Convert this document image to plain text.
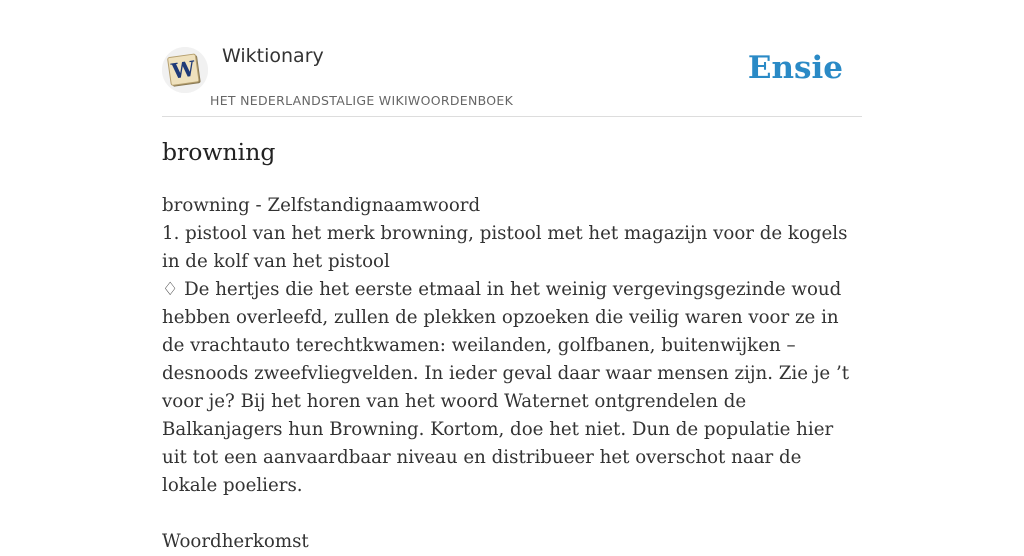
W Wiktionary
HET NEDERLANDSTALIGE WIKIWOORDENBOEK
Ensie
browning

browning - Zelfstandignaamwoord

1. pistool van het merk browning, pistool met het magazijn voor de kogels in de kolf van het pistool

♢ De hertjes die het eerste etmaal in het weinig vergevingsgezinde woud hebben overleefd, zullen de plekken opzoeken die veilig waren voor ze in de vrachtauto terechtkwamen: weilanden, golfbanen, buitenwijken – desnoods zweefvliegvelden. In ieder geval daar waar mensen zijn. Zie je ’t voor je? Bij het horen van het woord Waternet ontgrendelen de Balkanjagers hun Browning. Kortom, doe het niet. Dun de populatie hier uit tot een aanvaardbaar niveau en distribueer het overschot naar de lokale poeliers.

Woordherkomst
